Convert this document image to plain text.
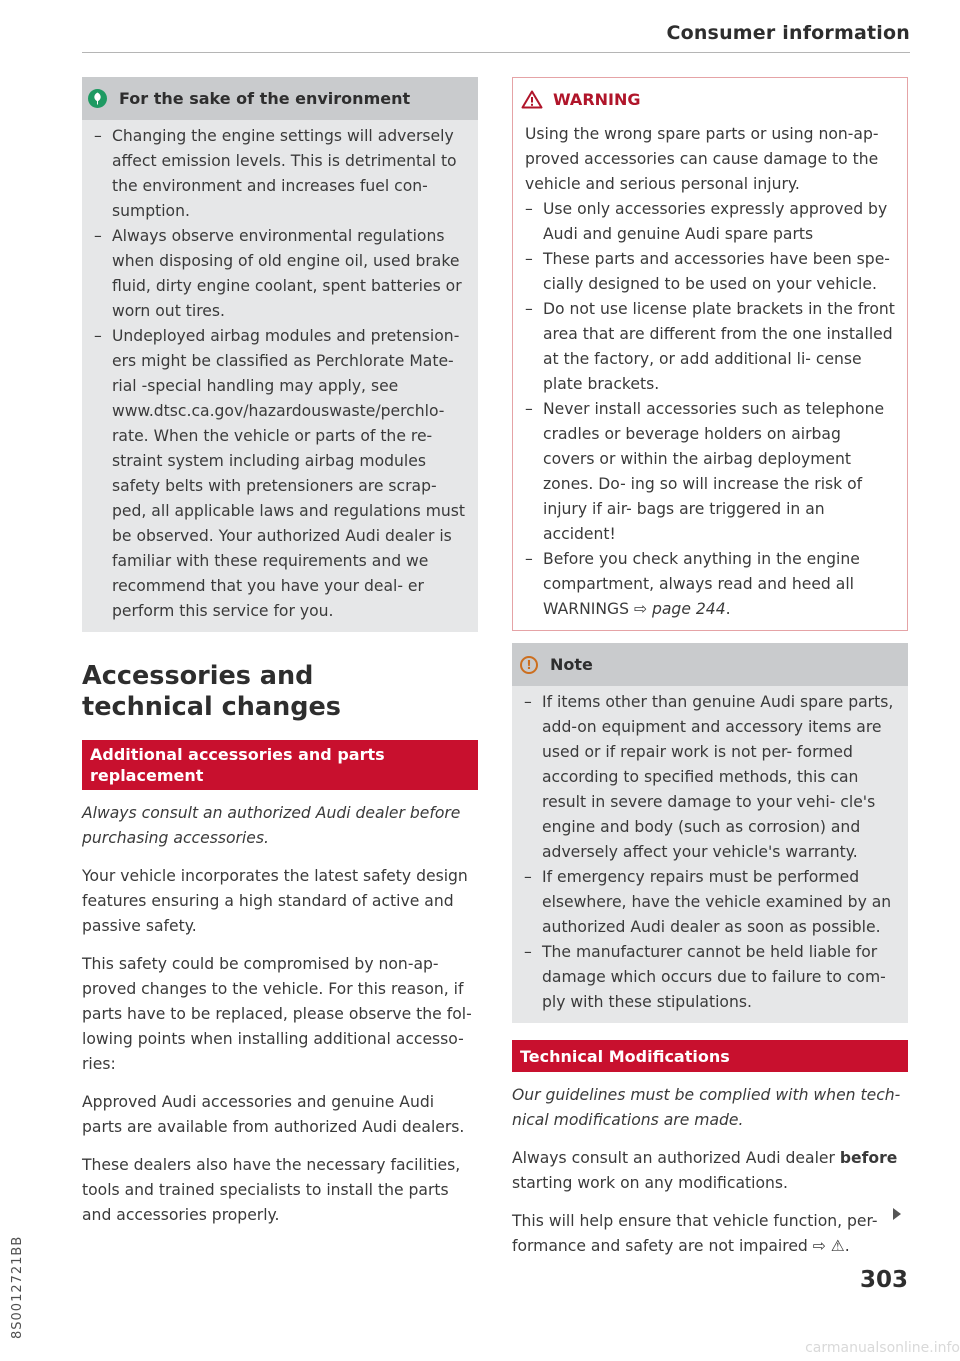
Consumer information
For the sake of the environment
– Changing the engine settings will adversely affect emission levels. This is detrimental to the environment and increases fuel con- sumption.
– Always observe environmental regulations when disposing of old engine oil, used brake fluid, dirty engine coolant, spent batteries or worn out tires.
– Undeployed airbag modules and pretension- ers might be classified as Perchlorate Mate- rial -special handling may apply, see www.dtsc.ca.gov/hazardouswaste/perchlo- rate. When the vehicle or parts of the re- straint system including airbag modules safety belts with pretensioners are scrap- ped, all applicable laws and regulations must be observed. Your authorized Audi dealer is familiar with these requirements and we recommend that you have your deal- er perform this service for you.
Accessories and
technical changes
Additional accessories and parts replacement

Always consult an authorized Audi dealer before purchasing accessories.

Your vehicle incorporates the latest safety design features ensuring a high standard of active and passive safety.

This safety could be compromised by non-ap- proved changes to the vehicle. For this reason, if parts have to be replaced, please observe the fol- lowing points when installing additional accesso- ries:

Approved Audi accessories and genuine Audi parts are available from authorized Audi dealers.

These dealers also have the necessary facilities, tools and trained specialists to install the parts and accessories properly.

WARNING

Using the wrong spare parts or using non-ap- proved accessories can cause damage to the vehicle and serious personal injury.

– Use only accessories expressly approved by Audi and genuine Audi spare parts
– These parts and accessories have been spe- cially designed to be used on your vehicle.
– Do not use license plate brackets in the front area that are different from the one installed at the factory, or add additional li- cense plate brackets.
– Never install accessories such as telephone cradles or beverage holders on airbag covers or within the airbag deployment zones. Do- ing so will increase the risk of injury if air- bags are triggered in an accident!
– Before you check anything in the engine compartment, always read and heed all WARNINGS ⇨ page 244.
!	Note
– If items other than genuine Audi spare parts, add-on equipment and accessory items are used or if repair work is not per- formed according to specified methods, this can result in severe damage to your vehi- cle's engine and body (such as corrosion) and adversely affect your vehicle's warranty.
– If emergency repairs must be performed elsewhere, have the vehicle examined by an authorized Audi dealer as soon as possible.
– The manufacturer cannot be held liable for damage which occurs due to failure to com- ply with these stipulations.
Technical Modifications

Our guidelines must be complied with when tech- nical modifications are made.

Always consult an authorized Audi dealer before starting work on any modifications.

This will help ensure that vehicle function, per- formance and safety are not impaired ⇨ ⚠.

303
8S0012721BB
carmanualsonline.info
